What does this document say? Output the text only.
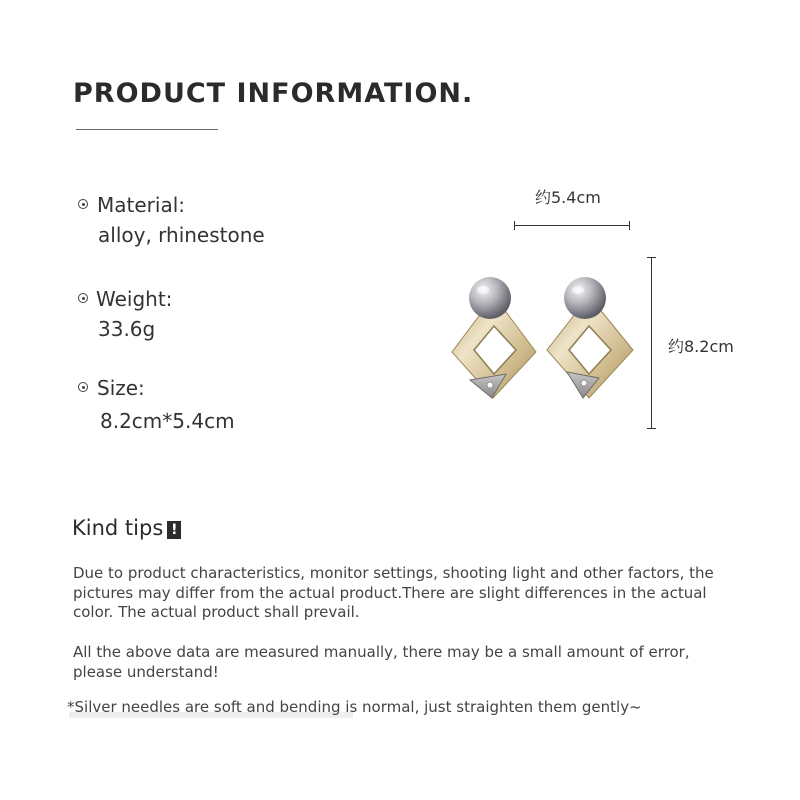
PRODUCT INFORMATION.
Material:
alloy, rhinestone
Weight:
33.6g
Size:
8.2cm*5.4cm
约5.4cm
约8.2cm
Kind tips !

Due to product characteristics, monitor settings, shooting light and other factors, the pictures may differ from the actual product.There are slight differences in the actual color. The actual product shall prevail.

All the above data are measured manually, there may be a small amount of error, please understand!

*Silver needles are soft and bending is normal, just straighten them gently~
